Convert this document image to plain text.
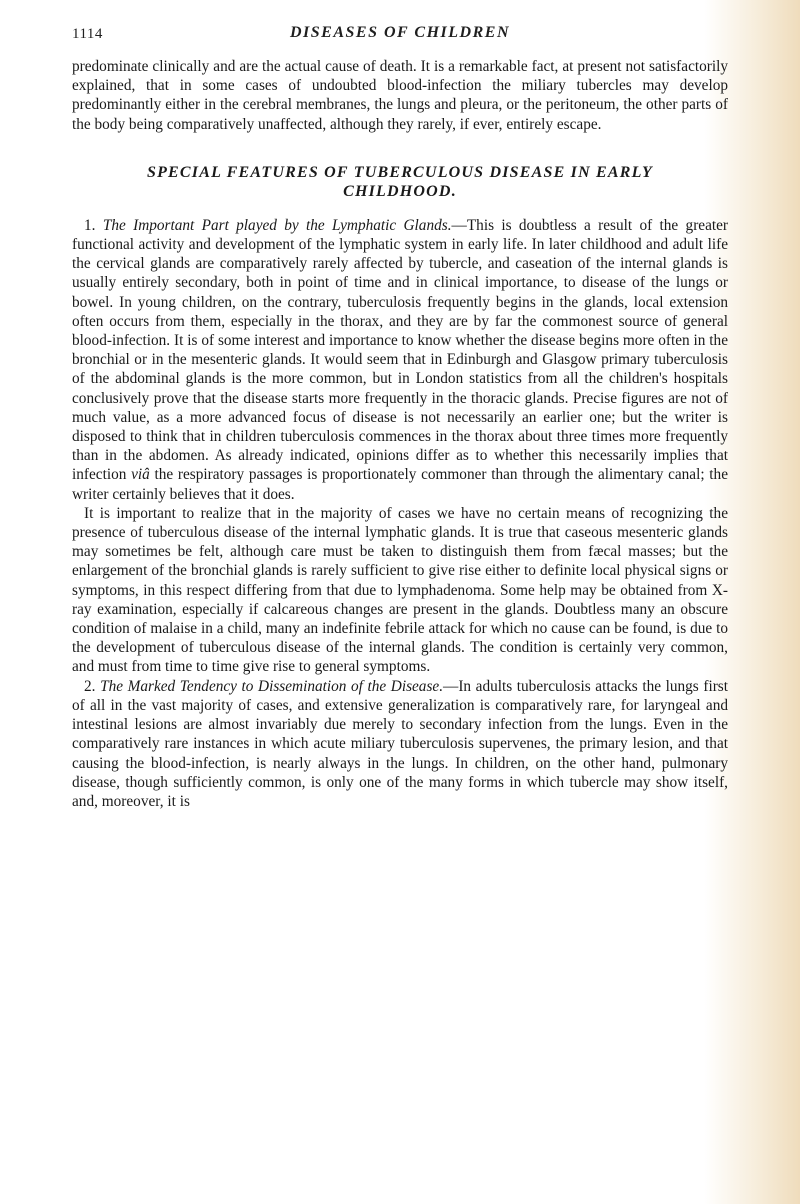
1114	DISEASES OF CHILDREN

predominate clinically and are the actual cause of death. It is a remarkable fact, at present not satisfactorily explained, that in some cases of undoubted blood-infection the miliary tubercles may develop predominantly either in the cerebral membranes, the lungs and pleura, or the peritoneum, the other parts of the body being comparatively unaffected, although they rarely, if ever, entirely escape.

SPECIAL FEATURES OF TUBERCULOUS DISEASE IN EARLY
CHILDHOOD.

1. The Important Part played by the Lymphatic Glands.—This is doubtless a result of the greater functional activity and development of the lymphatic system in early life. In later childhood and adult life the cervical glands are comparatively rarely affected by tubercle, and caseation of the internal glands is usually entirely secondary, both in point of time and in clinical importance, to disease of the lungs or bowel. In young children, on the contrary, tuberculosis frequently begins in the glands, local extension often occurs from them, especially in the thorax, and they are by far the commonest source of general blood-infection. It is of some interest and importance to know whether the disease begins more often in the bronchial or in the mesenteric glands. It would seem that in Edinburgh and Glasgow primary tuberculosis of the abdominal glands is the more common, but in London statistics from all the children's hospitals conclusively prove that the disease starts more frequently in the thoracic glands. Precise figures are not of much value, as a more advanced focus of disease is not necessarily an earlier one; but the writer is disposed to think that in children tuberculosis commences in the thorax about three times more frequently than in the abdomen. As already indicated, opinions differ as to whether this necessarily implies that infection viâ the respiratory passages is proportionately commoner than through the alimentary canal; the writer certainly believes that it does.

It is important to realize that in the majority of cases we have no certain means of recognizing the presence of tuberculous disease of the internal lymphatic glands. It is true that caseous mesenteric glands may sometimes be felt, although care must be taken to distinguish them from fæcal masses; but the enlargement of the bronchial glands is rarely sufficient to give rise either to definite local physical signs or symptoms, in this respect differing from that due to lymphadenoma. Some help may be obtained from X-ray examination, especially if calcareous changes are present in the glands. Doubtless many an obscure condition of malaise in a child, many an indefinite febrile attack for which no cause can be found, is due to the development of tuberculous disease of the internal glands. The condition is certainly very common, and must from time to time give rise to general symptoms.

2. The Marked Tendency to Dissemination of the Disease.—In adults tuberculosis attacks the lungs first of all in the vast majority of cases, and extensive generalization is comparatively rare, for laryngeal and intestinal lesions are almost invariably due merely to secondary infection from the lungs. Even in the comparatively rare instances in which acute miliary tuberculosis supervenes, the primary lesion, and that causing the blood-infection, is nearly always in the lungs. In children, on the other hand, pulmonary disease, though sufficiently common, is only one of the many forms in which tubercle may show itself, and, moreover, it is
